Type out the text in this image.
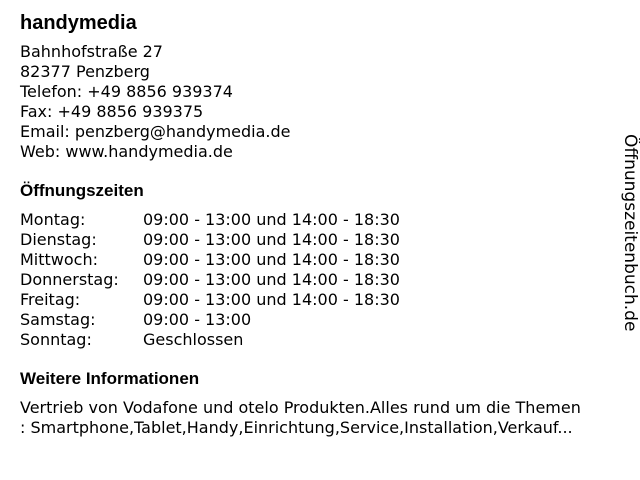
handymedia
Bahnhofstraße 27
82377 Penzberg
Telefon: +49 8856 939374
Fax: +49 8856 939375
Email: penzberg@handymedia.de
Web: www.handymedia.de
Öffnungszeiten
Montag:	09:00 - 13:00 und 14:00 - 18:30
Dienstag:	09:00 - 13:00 und 14:00 - 18:30
Mittwoch:	09:00 - 13:00 und 14:00 - 18:30
Donnerstag:	09:00 - 13:00 und 14:00 - 18:30
Freitag:	09:00 - 13:00 und 14:00 - 18:30
Samstag:	09:00 - 13:00
Sonntag:	Geschlossen
Weitere Informationen
Vertrieb von Vodafone und otelo Produkten.Alles rund um die Themen
: Smartphone,Tablet,Handy,Einrichtung,Service,Installation,Verkauf...
Öffnungszeitenbuch.de
